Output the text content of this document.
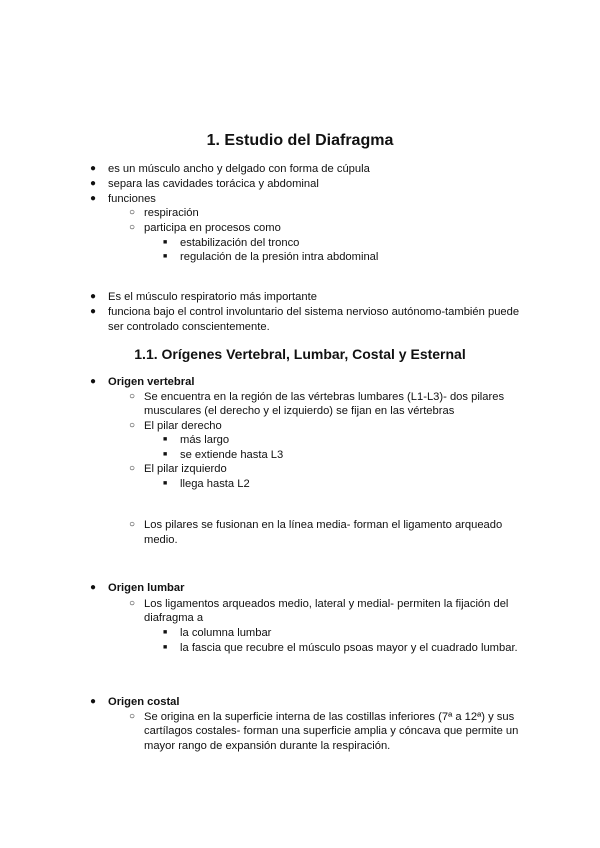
1. Estudio del Diafragma
● es un músculo ancho y delgado con forma de cúpula
● separa las cavidades torácica y abdominal
● funciones
○ respiración
○ participa en procesos como
■ estabilización del tronco
■ regulación de la presión intra abdominal
● Es el músculo respiratorio más importante
● funciona bajo el control involuntario del sistema nervioso autónomo-también puede
ser controlado conscientemente.
1.1. Orígenes Vertebral, Lumbar, Costal y Esternal
● Origen vertebral
○ Se encuentra en la región de las vértebras lumbares (L1-L3)- dos pilares
musculares (el derecho y el izquierdo) se fijan en las vértebras
○ El pilar derecho
■ más largo
■ se extiende hasta L3
○ El pilar izquierdo
■ llega hasta L2
○ Los pilares se fusionan en la línea media- forman el ligamento arqueado
medio.
● Origen lumbar
○ Los ligamentos arqueados medio, lateral y medial- permiten la fijación del
diafragma a
■ la columna lumbar
■ la fascia que recubre el músculo psoas mayor y el cuadrado lumbar.
● Origen costal
○ Se origina en la superficie interna de las costillas inferiores (7ª a 12ª) y sus
cartílagos costales- forman una superficie amplia y cóncava que permite un
mayor rango de expansión durante la respiración.
